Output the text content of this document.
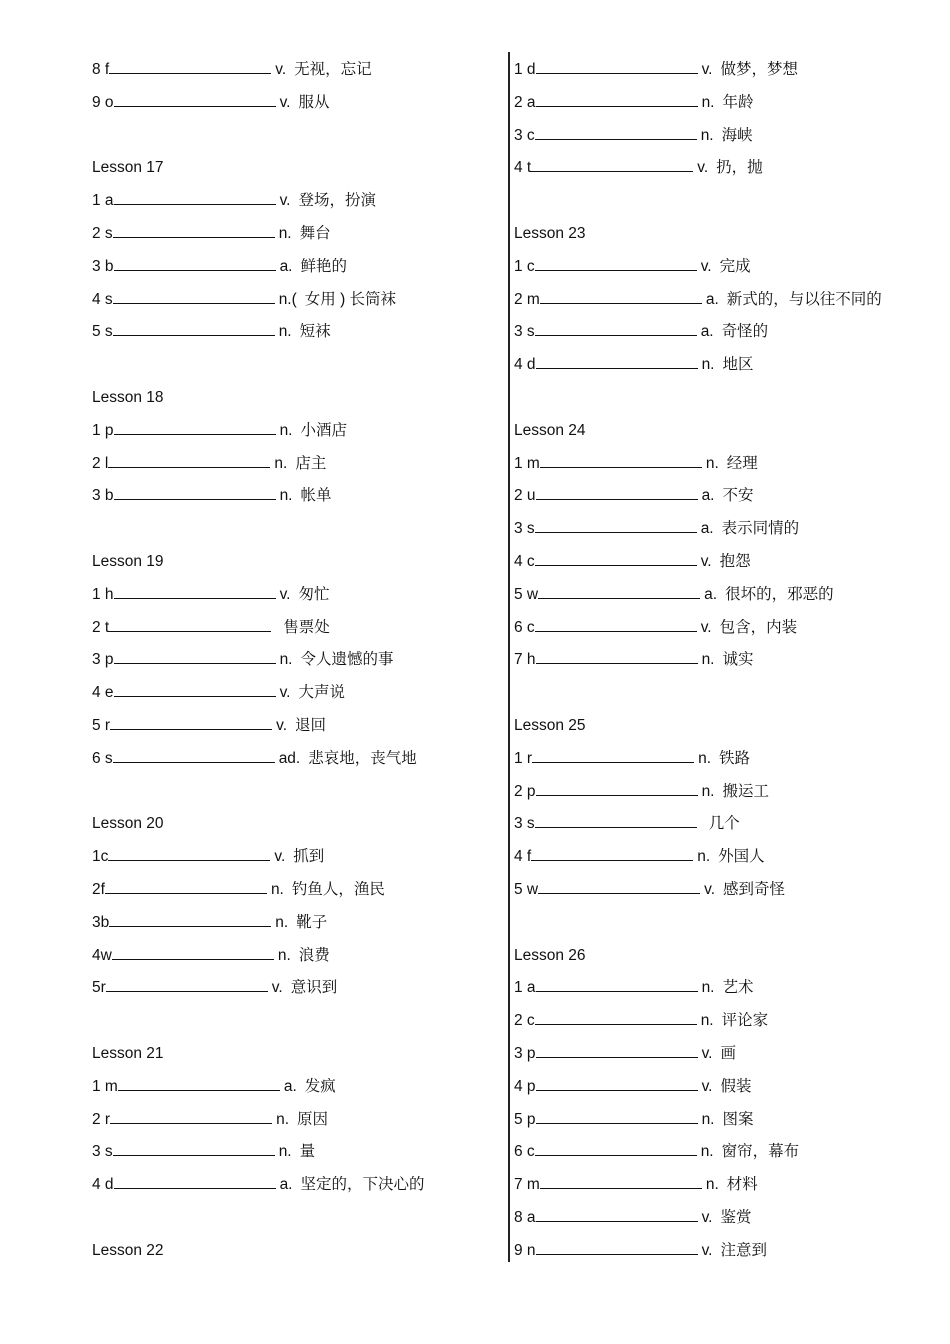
8 f	v. 无视，忘记
9 o	v. 服从
Lesson 17
1 a	v. 登场，扮演
2 s	n. 舞台
3 b	a. 鲜艳的
4 s	n.( 女用 ) 长筒袜
5 s	n. 短袜
Lesson 18
1 p	n. 小酒店
2 l	n. 店主
3 b	n. 帐单
Lesson 19
1 h	v. 匆忙
2 t	售票处
3 p	n. 令人遗憾的事
4 e	v. 大声说
5 r	v. 退回
6 s	ad. 悲哀地，丧气地
Lesson 20
1c	v. 抓到
2f	n. 钓鱼人，渔民
3b	n. 靴子
4w	n. 浪费
5r	v. 意识到
Lesson 21
1 m	a. 发疯
2 r	n. 原因
3 s	n. 量
4 d	a. 坚定的，下决心的
Lesson 22
1 d	v. 做梦，梦想
2 a	n. 年龄
3 c	n. 海峡
4 t	v. 扔，抛
Lesson 23
1 c	v. 完成
2 m	a. 新式的，与以往不同的
3 s	a. 奇怪的
4 d	n. 地区
Lesson 24
1 m	n. 经理
2 u	a. 不安
3 s	a. 表示同情的
4 c	v. 抱怨
5 w	a. 很坏的，邪恶的
6 c	v. 包含，内装
7 h	n. 诚实
Lesson 25
1 r	n. 铁路
2 p	n. 搬运工
3 s	几个
4 f	n. 外国人
5 w	v. 感到奇怪
Lesson 26
1 a	n. 艺术
2 c	n. 评论家
3 p	v. 画
4 p	v. 假装
5 p	n. 图案
6 c	n. 窗帘，幕布
7 m	n. 材料
8 a	v. 鉴赏
9 n	v. 注意到
